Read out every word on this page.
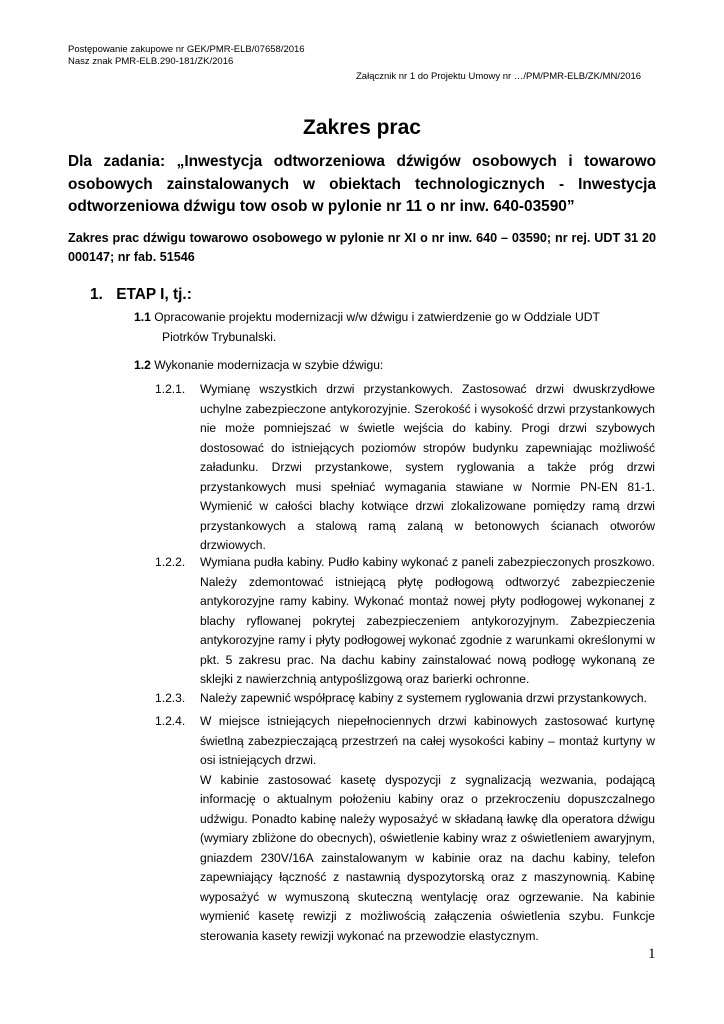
Postępowanie zakupowe nr GEK/PMR-ELB/07658/2016
Nasz znak PMR-ELB.290-181/ZK/2016
Załącznik nr 1 do Projektu Umowy nr …/PM/PMR-ELB/ZK/MN/2016
Zakres prac
Dla zadania: „Inwestycja odtworzeniowa dźwigów osobowych i towarowo osobowych zainstalowanych w obiektach technologicznych - Inwestycja odtworzeniowa dźwigu tow osob w pylonie nr 11 o nr inw. 640-03590”
Zakres prac dźwigu towarowo osobowego w pylonie nr XI o nr inw. 640 – 03590; nr rej. UDT 31 20 000147; nr fab. 51546
1. ETAP I, tj.:
1.1 Opracowanie projektu modernizacji w/w dźwigu i zatwierdzenie go w Oddziale UDT
Piotrków Trybunalski.
1.2 Wykonanie modernizacja w szybie dźwigu:
1.2.1. Wymianę wszystkich drzwi przystankowych. Zastosować drzwi dwuskrzydłowe uchylne zabezpieczone antykorozyjnie. Szerokość i wysokość drzwi przystankowych nie może pomniejszać w świetle wejścia do kabiny. Progi drzwi szybowych dostosować do istniejących poziomów stropów budynku zapewniając możliwość załadunku. Drzwi przystankowe, system ryglowania a także próg drzwi przystankowych musi spełniać wymagania stawiane w Normie PN-EN 81-1. Wymienić w całości blachy kotwiące drzwi zlokalizowane pomiędzy ramą drzwi przystankowych a stalową ramą zalaną w betonowych ścianach otworów drzwiowych.
1.2.2. Wymiana pudła kabiny. Pudło kabiny wykonać z paneli zabezpieczonych proszkowo. Należy zdemontować istniejącą płytę podłogową odtworzyć zabezpieczenie antykorozyjne ramy kabiny. Wykonać montaż nowej płyty podłogowej wykonanej z blachy ryflowanej pokrytej zabezpieczeniem antykorozyjnym. Zabezpieczenia antykorozyjne ramy i płyty podłogowej wykonać zgodnie z warunkami określonymi w pkt. 5 zakresu prac. Na dachu kabiny zainstalować nową podłogę wykonaną ze sklejki z nawierzchnią antypoślizgową oraz barierki ochronne.
1.2.3. Należy zapewnić współpracę kabiny z systemem ryglowania drzwi przystankowych.
1.2.4. W miejsce istniejących niepełnociennych drzwi kabinowych zastosować kurtynę świetlną zabezpieczającą przestrzeń na całej wysokości kabiny – montaż kurtyny w osi istniejących drzwi.
W kabinie zastosować kasetę dyspozycji z sygnalizacją wezwania, podającą informację o aktualnym położeniu kabiny oraz o przekroczeniu dopuszczalnego udźwigu. Ponadto kabinę należy wyposażyć w składaną ławkę dla operatora dźwigu (wymiary zbliżone do obecnych), oświetlenie kabiny wraz z oświetleniem awaryjnym, gniazdem 230V/16A zainstalowanym w kabinie oraz na dachu kabiny, telefon zapewniający łączność z nastawnią dyspozytorską oraz z maszynownią. Kabinę wyposażyć w wymuszoną skuteczną wentylację oraz ogrzewanie. Na kabinie wymienić kasetę rewizji z możliwością załączenia oświetlenia szybu. Funkcje sterowania kasety rewizji wykonać na przewodzie elastycznym.
1
